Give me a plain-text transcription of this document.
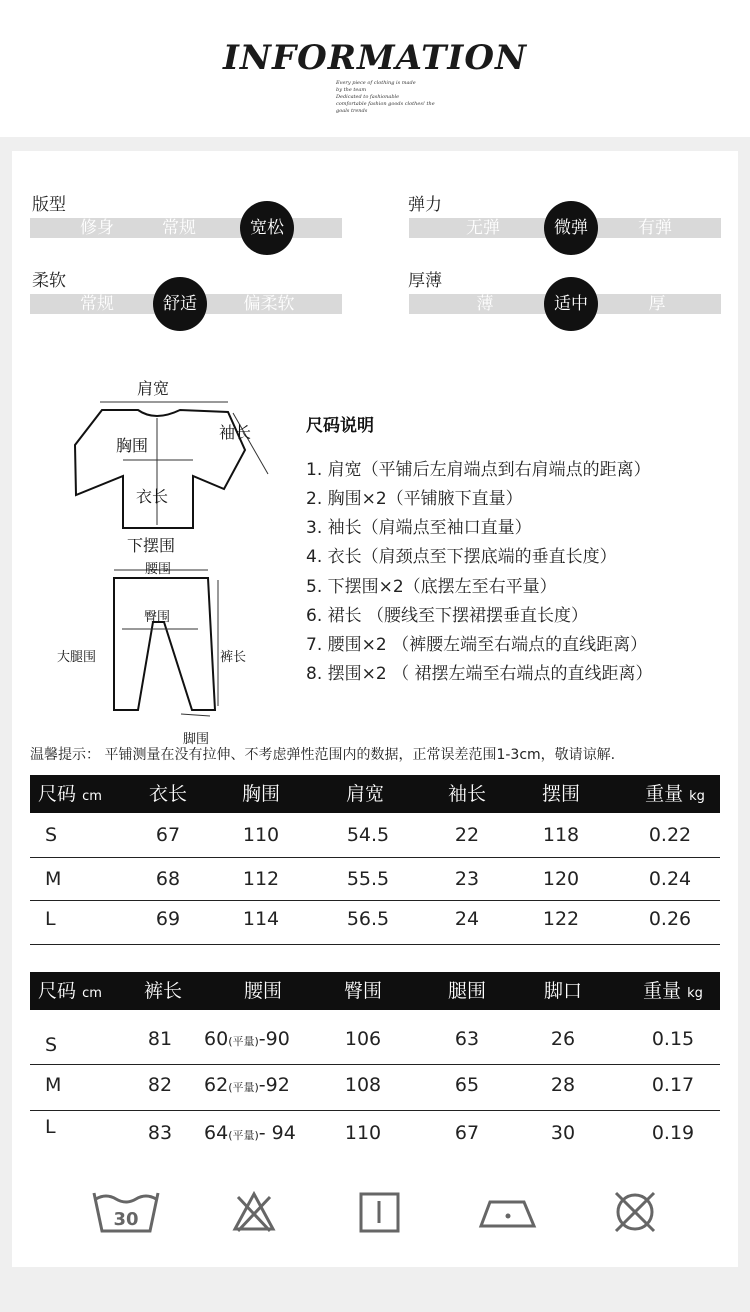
INFORMATION
Every piece of clothing is made
by the team
Dedicated to fashionable
comfortable fashion goods clothes! the goals trends
版型
修身	常规	宽松
弹力
无弹	微弹	有弹
柔软
常规	舒适	偏柔软
厚薄
薄	适中	厚
肩宽
袖长
胸围
衣长
下摆围
腰围
臀围
大腿围	裤长
脚围
尺码说明
1. 肩宽（平铺后左肩端点到右肩端点的距离）
2. 胸围×2（平铺腋下直量）
3. 袖长（肩端点至袖口直量）
4. 衣长（肩颈点至下摆底端的垂直长度）
5. 下摆围×2（底摆左至右平量）
6. 裙长 （腰线至下摆裙摆垂直长度）
7. 腰围×2 （裤腰左端至右端点的直线距离）
8. 摆围×2 （ 裙摆左端至右端点的直线距离）
温馨提示： 平铺测量在没有拉伸、不考虑弹性范围内的数据，正常误差范围1-3cm，敬请谅解.
尺码 cm	衣长	胸围	肩宽	袖长	摆围	重量 kg
S	67	110	54.5	22	118	0.22
M	68	112	55.5	23	120	0.24
L	69	114	56.5	24	122	0.26
尺码 cm	裤长	腰围	臀围	腿围	脚口	重量 kg
S	81	60(平量)-90	106	63	26	0.15
M	82	62(平量)-92	108	65	28	0.17
L	83	64(平量)- 94	110	67	30	0.19
30
